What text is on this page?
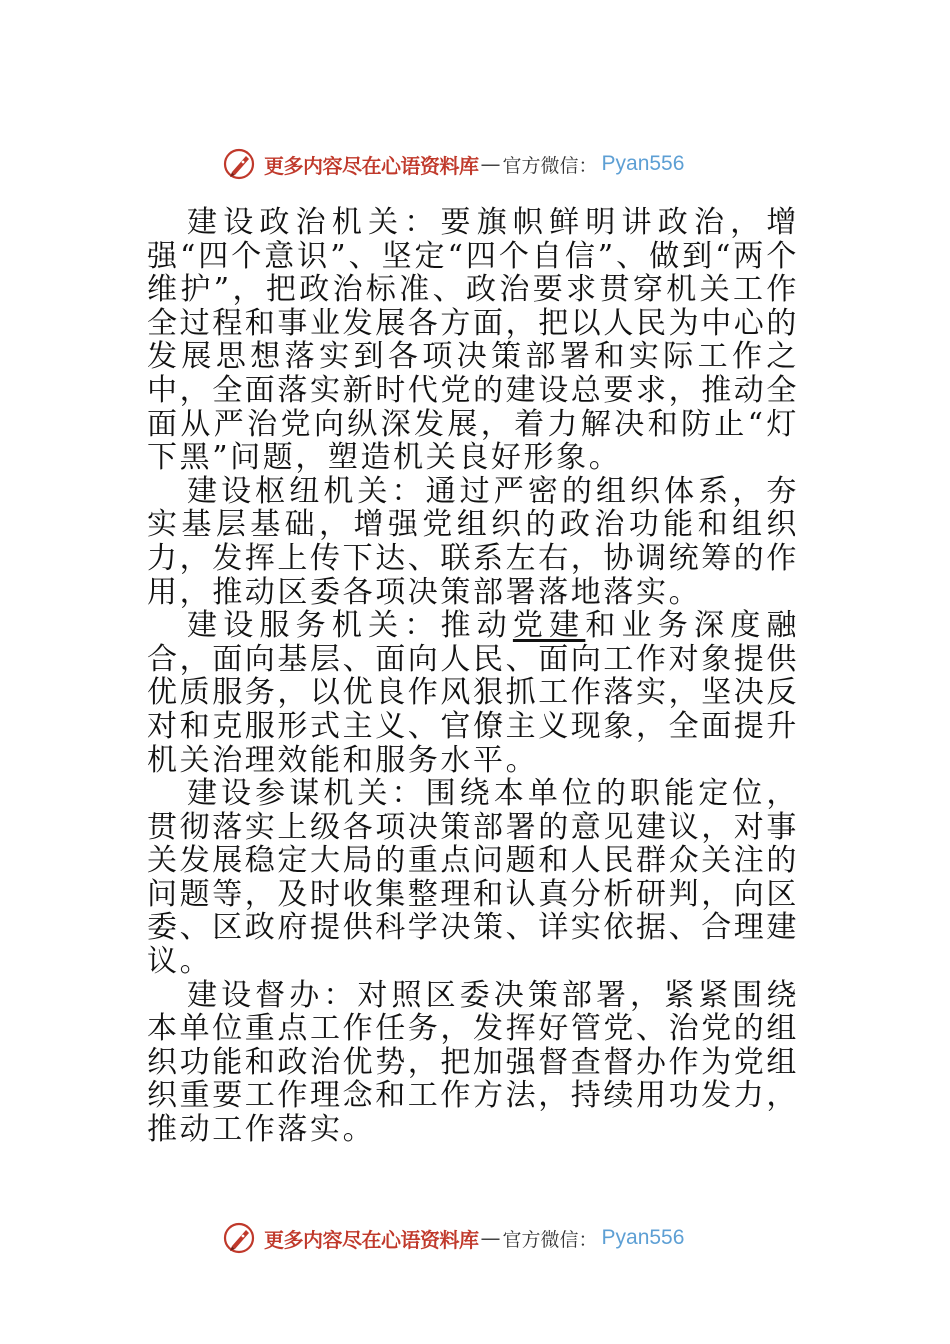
更多内容尽在心语资料库 — 官方微信： Pyan556

建设政治机关：要旗帜鲜明讲政治，增强“四个意识”、坚定“四个自信”、做到“两个维护”，把政治标准、政治要求贯穿机关工作全过程和事业发展各方面，把以人民为中心的发展思想落实到各项决策部署和实际工作之中，全面落实新时代党的建设总要求，推动全面从严治党向纵深发展，着力解决和防止“灯下黑”问题，塑造机关良好形象。

建设枢纽机关：通过严密的组织体系，夯实基层基础，增强党组织的政治功能和组织力，发挥上传下达、联系左右，协调统筹的作用，推动区委各项决策部署落地落实。

建设服务机关：推动党建和业务深度融合，面向基层、面向人民、面向工作对象提供优质服务，以优良作风狠抓工作落实，坚决反对和克服形式主义、官僚主义现象，全面提升机关治理效能和服务水平。

建设参谋机关：围绕本单位的职能定位，贯彻落实上级各项决策部署的意见建议，对事关发展稳定大局的重点问题和人民群众关注的问题等，及时收集整理和认真分析研判，向区委、区政府提供科学决策、详实依据、合理建议。

建设督办：对照区委决策部署，紧紧围绕本单位重点工作任务，发挥好管党、治党的组织功能和政治优势，把加强督查督办作为党组织重要工作理念和工作方法，持续用功发力，推动工作落实。

更多内容尽在心语资料库 — 官方微信： Pyan556
